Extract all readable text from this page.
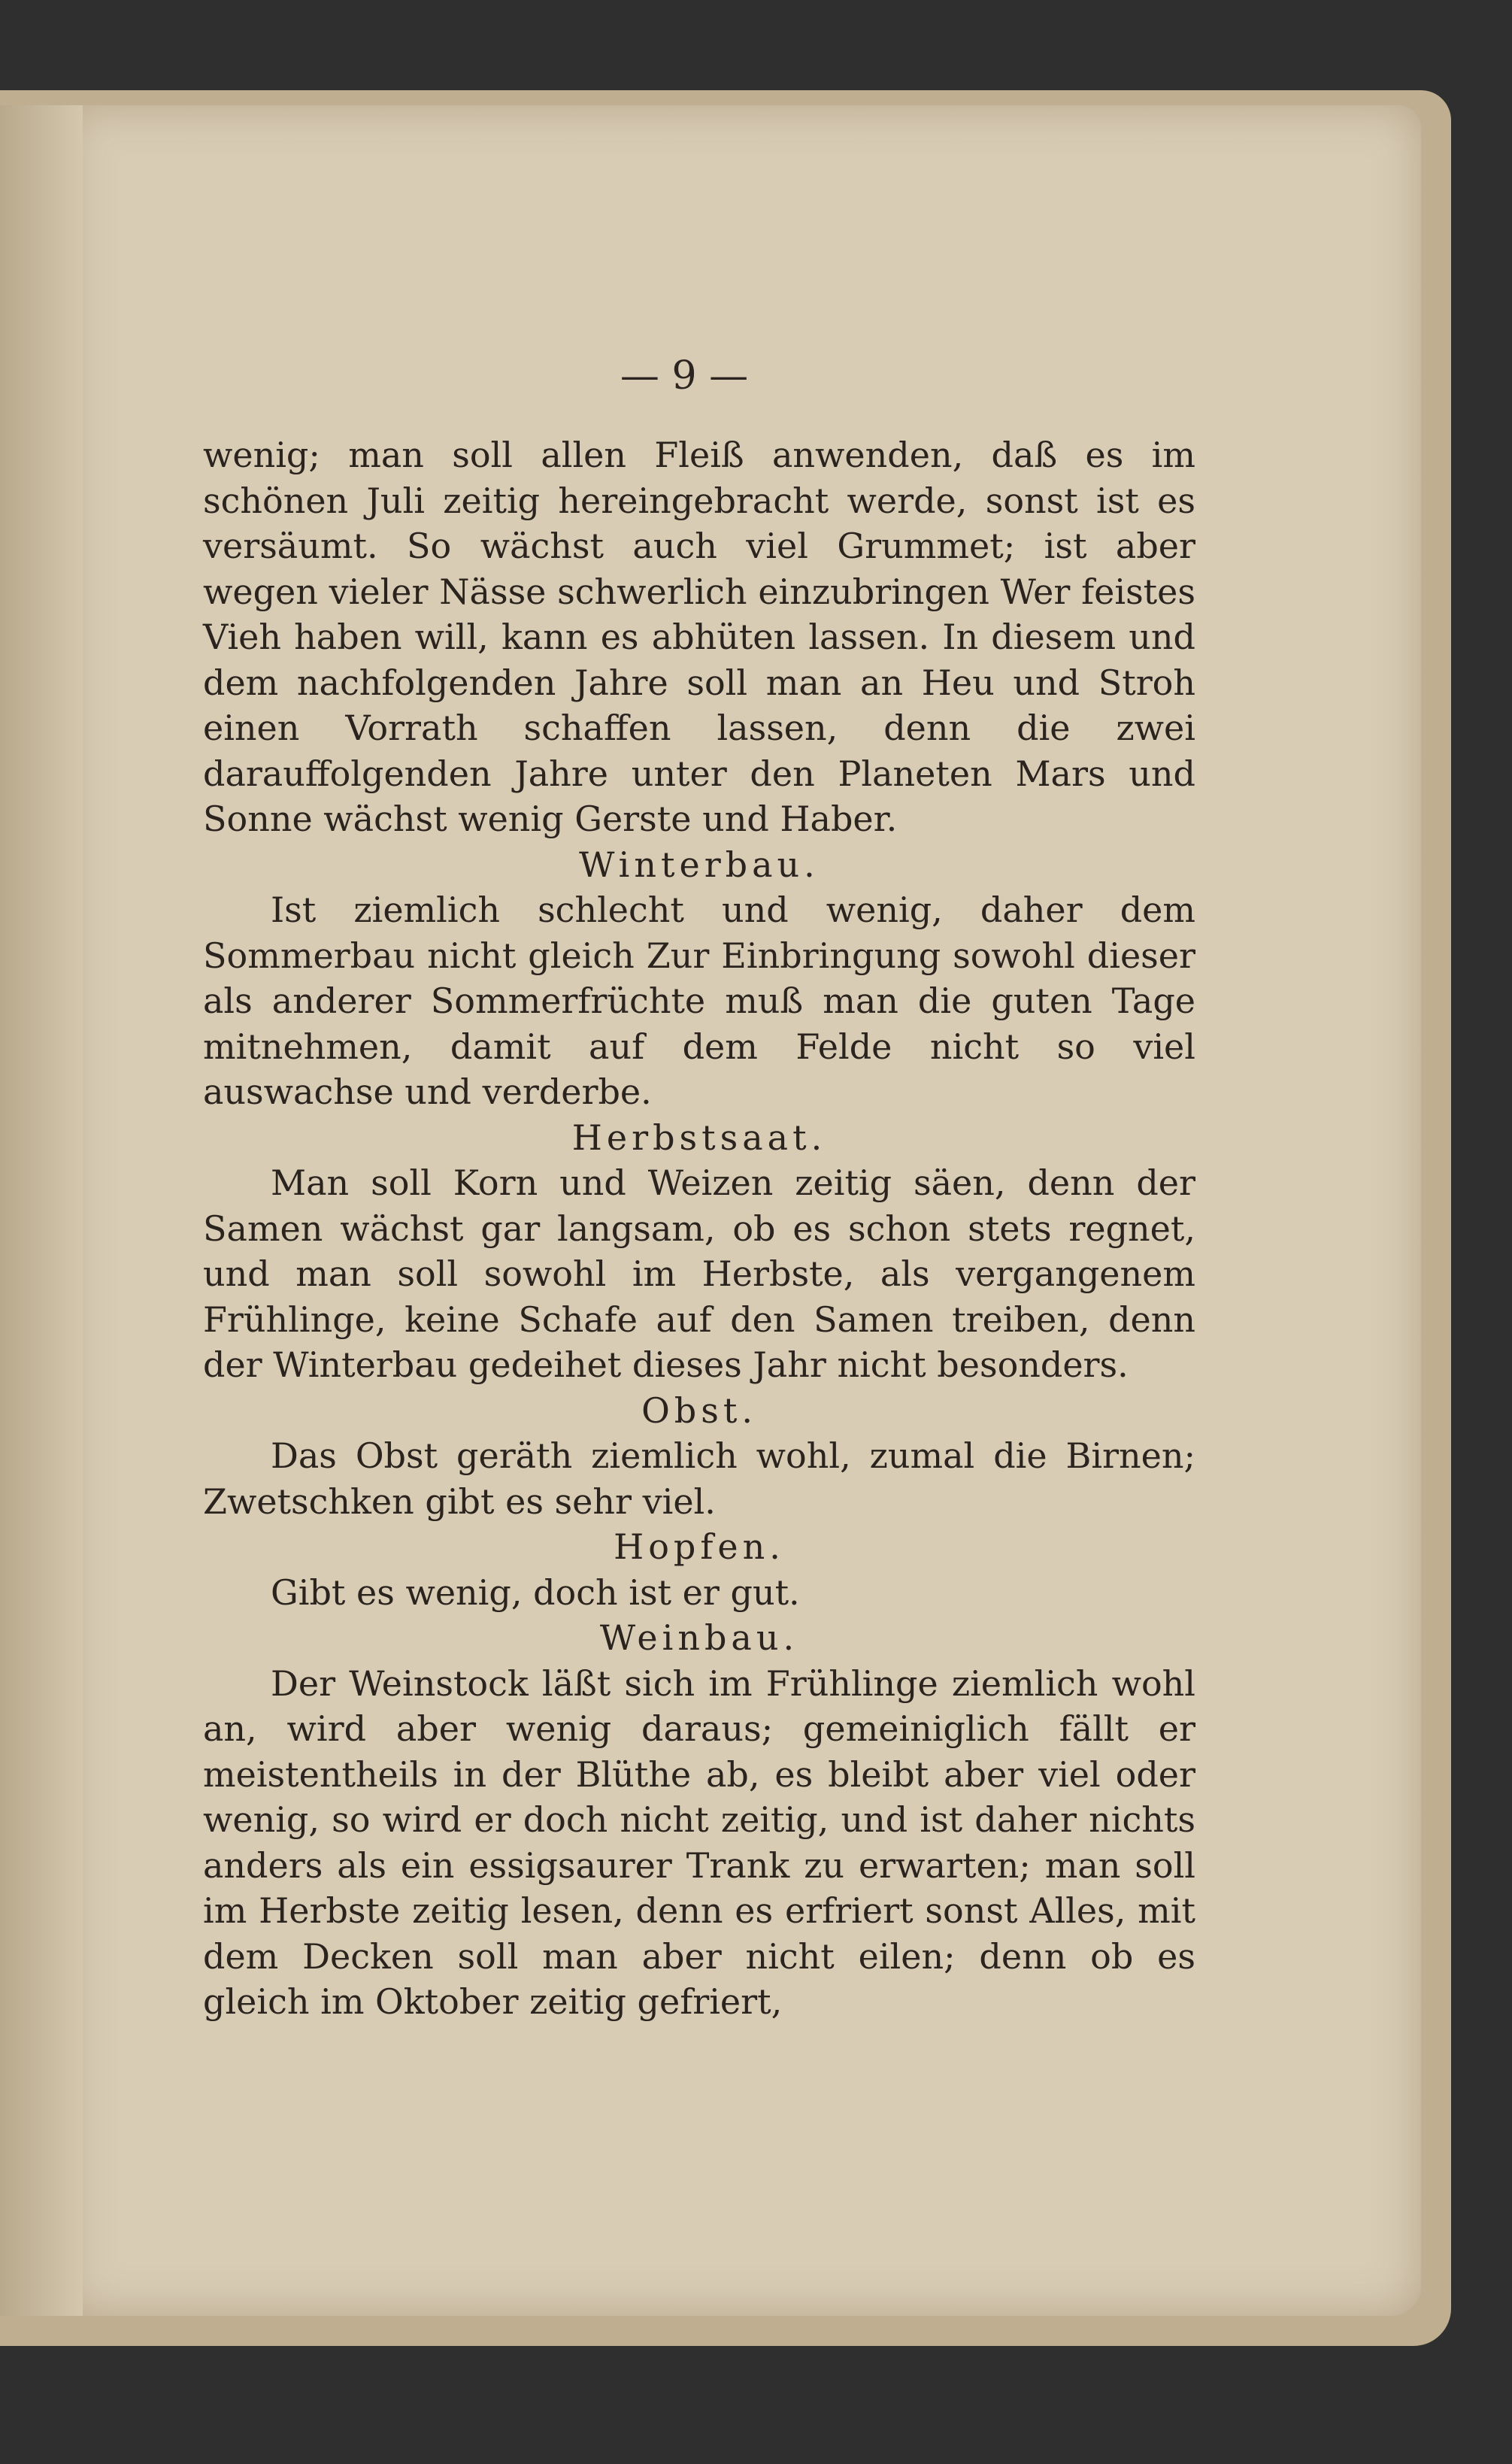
— 9 —

wenig; man soll allen Fleiß anwenden, daß es im schönen Juli zeitig hereingebracht werde, sonst ist es versäumt. So wächst auch viel Grummet; ist aber wegen vieler Nässe schwerlich einzubringen Wer feistes Vieh haben will, kann es abhüten lassen. In diesem und dem nachfolgenden Jahre soll man an Heu und Stroh einen Vorrath schaffen lassen, denn die zwei darauffolgenden Jahre unter den Planeten Mars und Sonne wächst wenig Gerste und Haber.

Winterbau.

Ist ziemlich schlecht und wenig, daher dem Sommerbau nicht gleich Zur Einbringung sowohl dieser als anderer Sommerfrüchte muß man die guten Tage mitnehmen, damit auf dem Felde nicht so viel auswachse und verderbe.

Herbstsaat.

Man soll Korn und Weizen zeitig säen, denn der Samen wächst gar langsam, ob es schon stets regnet, und man soll sowohl im Herbste, als vergangenem Frühlinge, keine Schafe auf den Samen treiben, denn der Winterbau gedeihet dieses Jahr nicht besonders.

Obst.

Das Obst geräth ziemlich wohl, zumal die Birnen; Zwetschken gibt es sehr viel.

Hopfen.

Gibt es wenig, doch ist er gut.

Weinbau.

Der Weinstock läßt sich im Frühlinge ziemlich wohl an, wird aber wenig daraus; gemeiniglich fällt er meistentheils in der Blüthe ab, es bleibt aber viel oder wenig, so wird er doch nicht zeitig, und ist daher nichts anders als ein essigsaurer Trank zu erwarten; man soll im Herbste zeitig lesen, denn es erfriert sonst Alles, mit dem Decken soll man aber nicht eilen; denn ob es gleich im Oktober zeitig gefriert,
